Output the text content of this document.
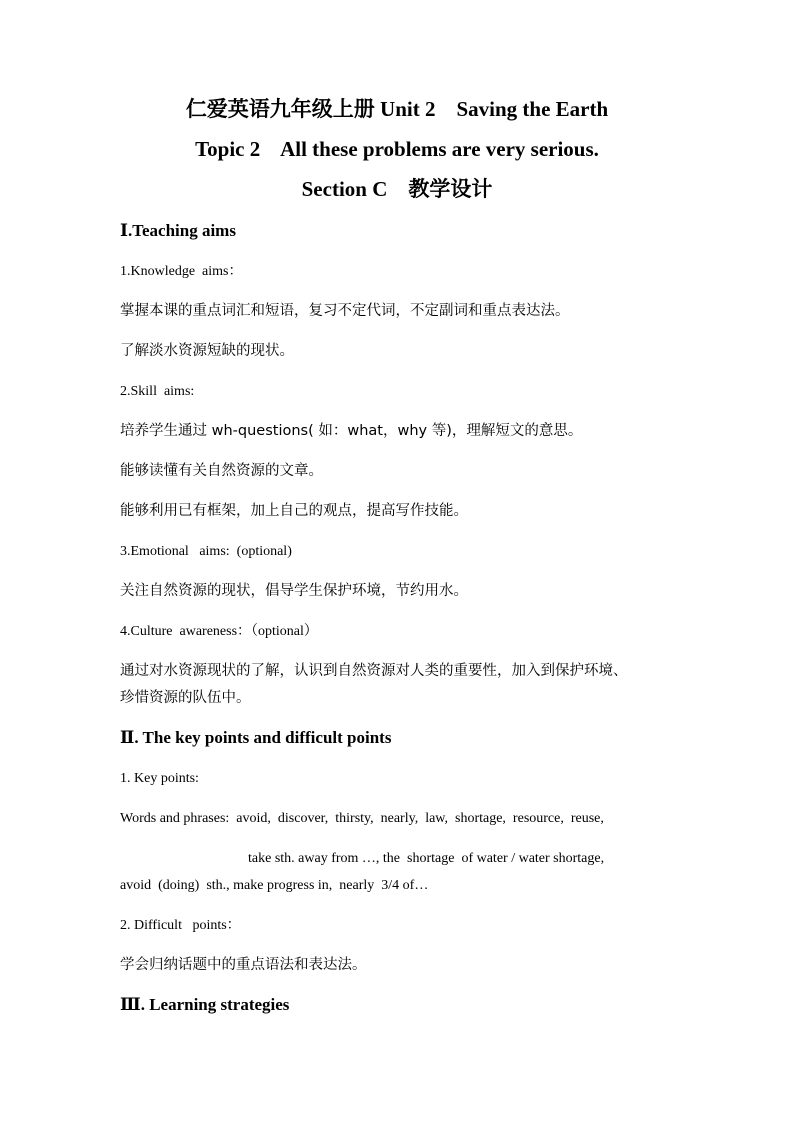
仁爱英语九年级上册 Unit 2    Saving the Earth
Topic 2    All these problems are very serious.
Section C    教学设计
Ⅰ.Teaching aims
1.Knowledge  aims：
掌握本课的重点词汇和短语，复习不定代词，不定副词和重点表达法。
了解淡水资源短缺的现状。
2.Skill  aims:
培养学生通过 wh-questions( 如：what，why 等)，理解短文的意思。
能够读懂有关自然资源的文章。
能够利用已有框架，加上自己的观点，提高写作技能。
3.Emotional   aims:  (optional)
关注自然资源的现状，倡导学生保护环境，节约用水。
4.Culture  awareness：（optional）
通过对水资源现状的了解，认识到自然资源对人类的重要性，加入到保护环境、
珍惜资源的队伍中。
Ⅱ. The key points and difficult points
1. Key points:
Words and phrases:  avoid,  discover,  thirsty,  nearly,  law,  shortage,  resource,  reuse,
take sth. away from …, the  shortage  of water / water shortage,
avoid  (doing)  sth., make progress in,  nearly  3/4 of…
2. Difficult   points：
学会归纳话题中的重点语法和表达法。
Ⅲ. Learning strategies
